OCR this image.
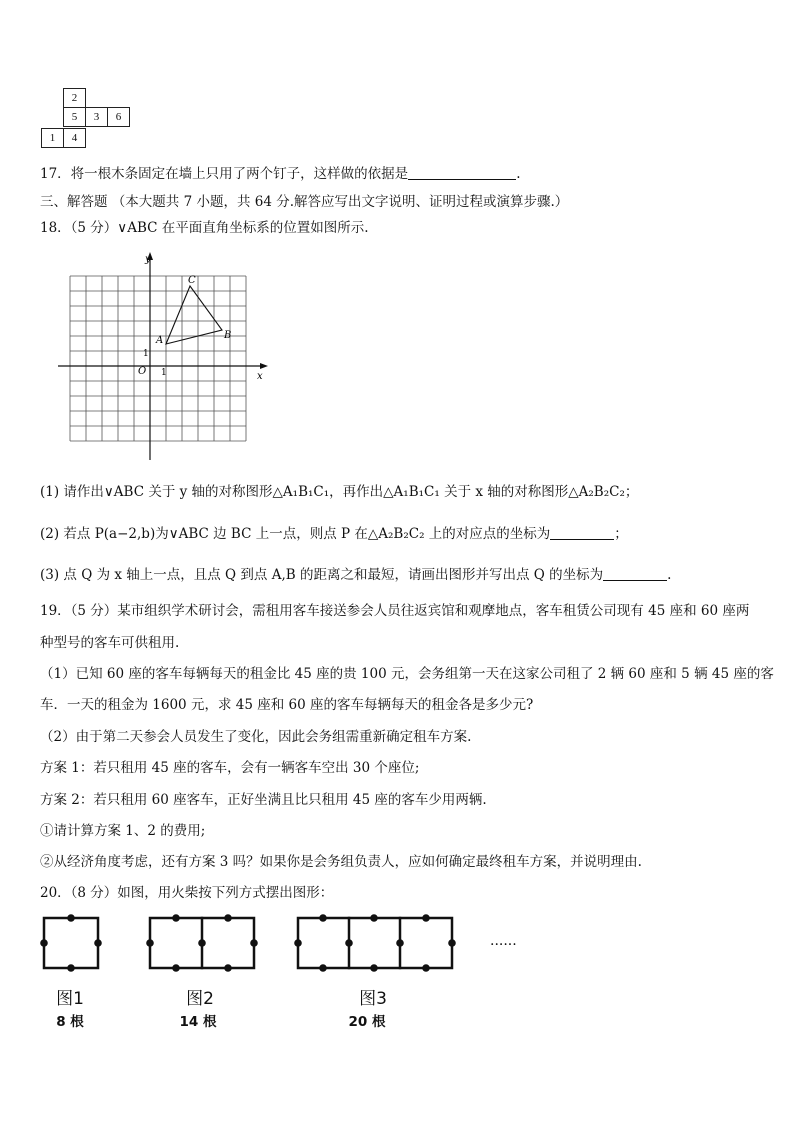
2
5	3	6
1	4
17．将一根木条固定在墙上只用了两个钉子，这样做的依据是	.
三、解答题 （本大题共 7 小题，共 64 分.解答应写出文字说明、证明过程或演算步骤.）
18．（5 分）∨ABC 在平面直角坐标系的位置如图所示.
y
x
O 1
1
A	B
C
(1) 请作出∨ABC 关于 y 轴的对称图形△A₁B₁C₁，再作出△A₁B₁C₁ 关于 x 轴的对称图形△A₂B₂C₂；
(2) 若点 P(a−2,b)为∨ABC 边 BC 上一点，则点 P 在△A₂B₂C₂ 上的对应点的坐标为	；
(3) 点 Q 为 x 轴上一点，且点 Q 到点 A,B 的距离之和最短，请画出图形并写出点 Q 的坐标为	.
19．（5 分）某市组织学术研讨会，需租用客车接送参会人员往返宾馆和观摩地点，客车租赁公司现有 45 座和 60 座两
种型号的客车可供租用.
（1）已知 60 座的客车每辆每天的租金比 45 座的贵 100 元，会务组第一天在这家公司租了 2 辆 60 座和 5 辆 45 座的客
车．一天的租金为 1600 元，求 45 座和 60 座的客车每辆每天的租金各是多少元?
（2）由于第二天参会人员发生了变化，因此会务组需重新确定租车方案.
方案 1：若只租用 45 座的客车，会有一辆客车空出 30 个座位;
方案 2：若只租用 60 座客车，正好坐满且比只租用 45 座的客车少用两辆.
①请计算方案 1、2 的费用;
②从经济角度考虑，还有方案 3 吗？如果你是会务组负责人，应如何确定最终租车方案，并说明理由.
20．（8 分）如图，用火柴按下列方式摆出图形：
......
图1
8 根
图2
14 根
图3
20 根
